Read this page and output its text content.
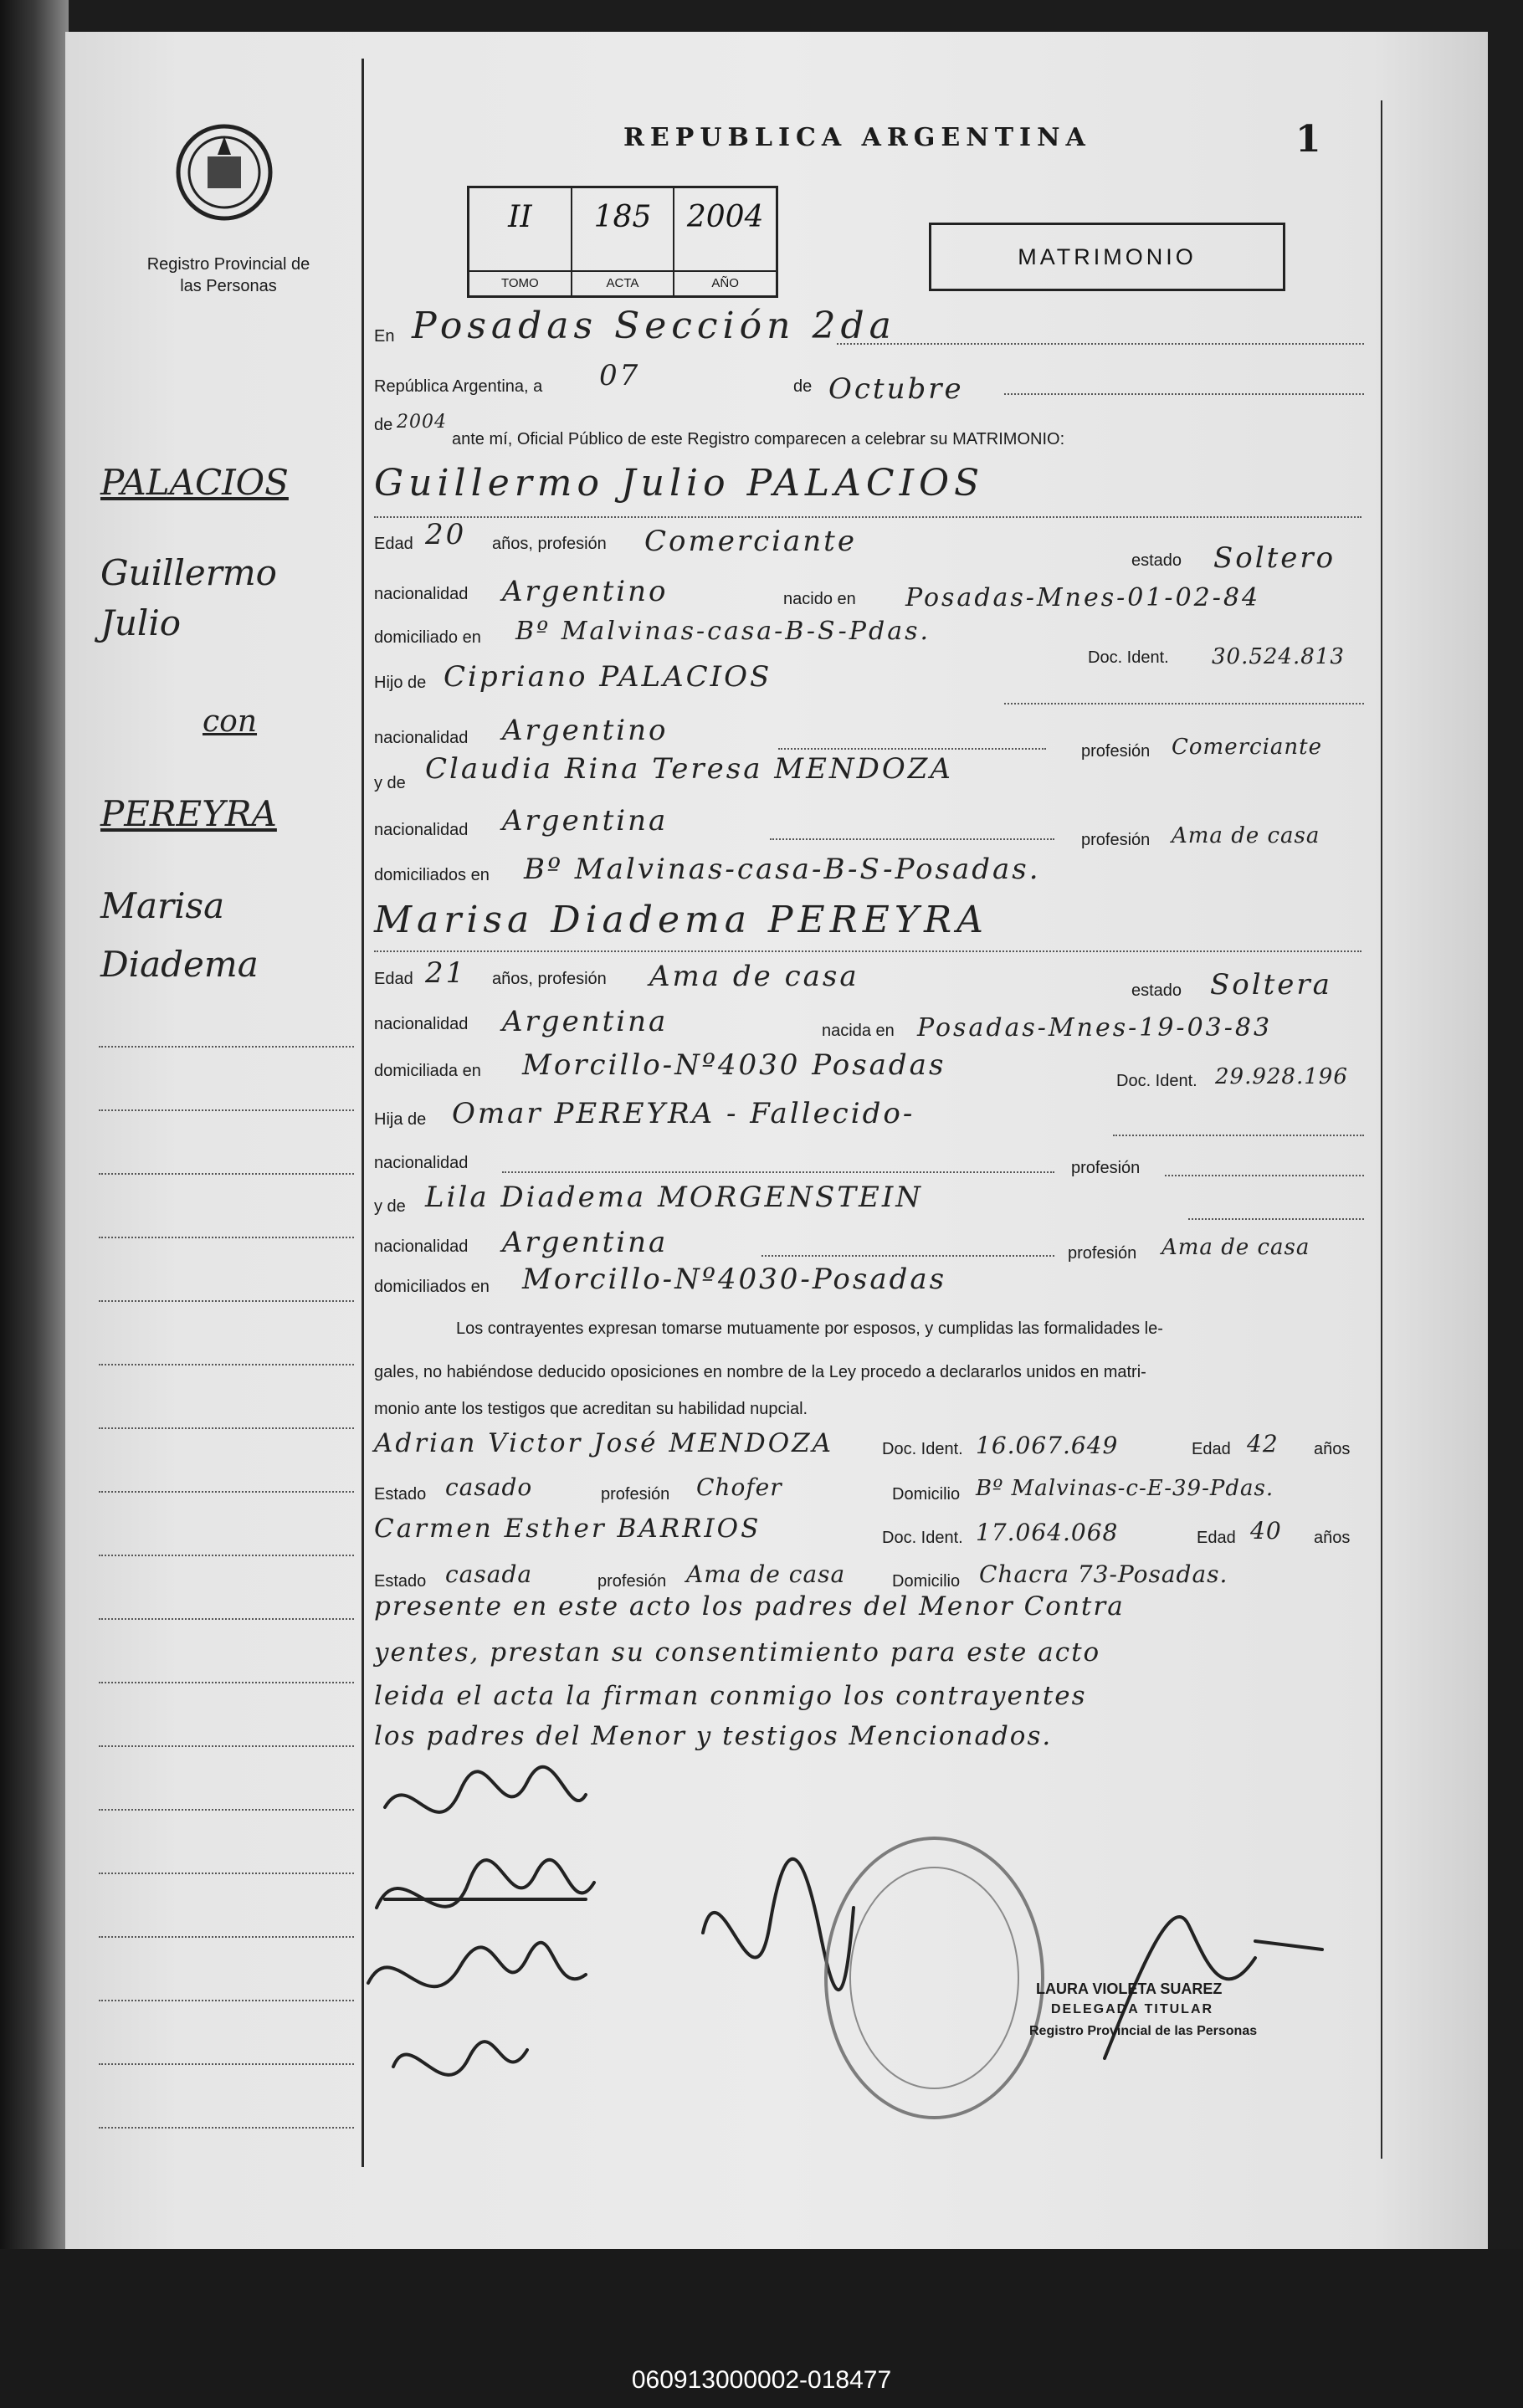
Registro Provincial de las Personas
REPUBLICA ARGENTINA	1
II
TOMO
185
ACTA
2004
AÑO
MATRIMONIO
PALACIOS
Guillermo
Julio
con
PEREYRA
Marisa
Diadema
En Posadas Sección 2da
República Argentina, a 07	de Octubre
de 2004
ante mí, Oficial Público de este Registro comparecen a celebrar su MATRIMONIO:
Guillermo Julio PALACIOS
Edad 20 años, profesión Comerciante
estado Soltero
nacionalidad Argentino	nacido en Posadas-Mnes-01-02-84
domiciliado en Bº Malvinas-casa-B-S-Pdas.
Doc. Ident. 30.524.813
Hijo de Cipriano PALACIOS
nacionalidad Argentino
profesión Comerciante
y de Claudia Rina Teresa MENDOZA
nacionalidad Argentina
profesión Ama de casa
domiciliados en Bº Malvinas-casa-B-S-Posadas.
Marisa Diadema PEREYRA
Edad 21 años, profesión Ama de casa	estado Soltera
nacionalidad Argentina	nacida en Posadas-Mnes-19-03-83
domiciliada en Morcillo-Nº4030 Posadas	Doc. Ident. 29.928.196
Hija de Omar PEREYRA - Fallecido-
nacionalidad	profesión
y de Lila Diadema MORGENSTEIN
nacionalidad Argentina	profesión Ama de casa
domiciliados en Morcillo-Nº4030-Posadas
Los contrayentes expresan tomarse mutuamente por esposos, y cumplidas las formalidades le-
gales, no habiéndose deducido oposiciones en nombre de la Ley procedo a declararlos unidos en matri-
monio ante los testigos que acreditan su habilidad nupcial.
Adrian Victor José MENDOZA	Doc. Ident. 16.067.649	Edad 42 años
Estado casado	profesión Chofer	Domicilio Bº Malvinas-c-E-39-Pdas.
Carmen Esther BARRIOS	Doc. Ident. 17.064.068	Edad 40 años
Estado casada	profesión Ama de casa	Domicilio Chacra 73-Posadas.
presente en este acto los padres del Menor Contra
yentes, prestan su consentimiento para este acto
leida el acta la firman conmigo los contrayentes
los padres del Menor y testigos Mencionados.
LAURA VIOLETA SUAREZ
DELEGADA TITULAR
Registro Provincial de las Personas
060913000002-018477
